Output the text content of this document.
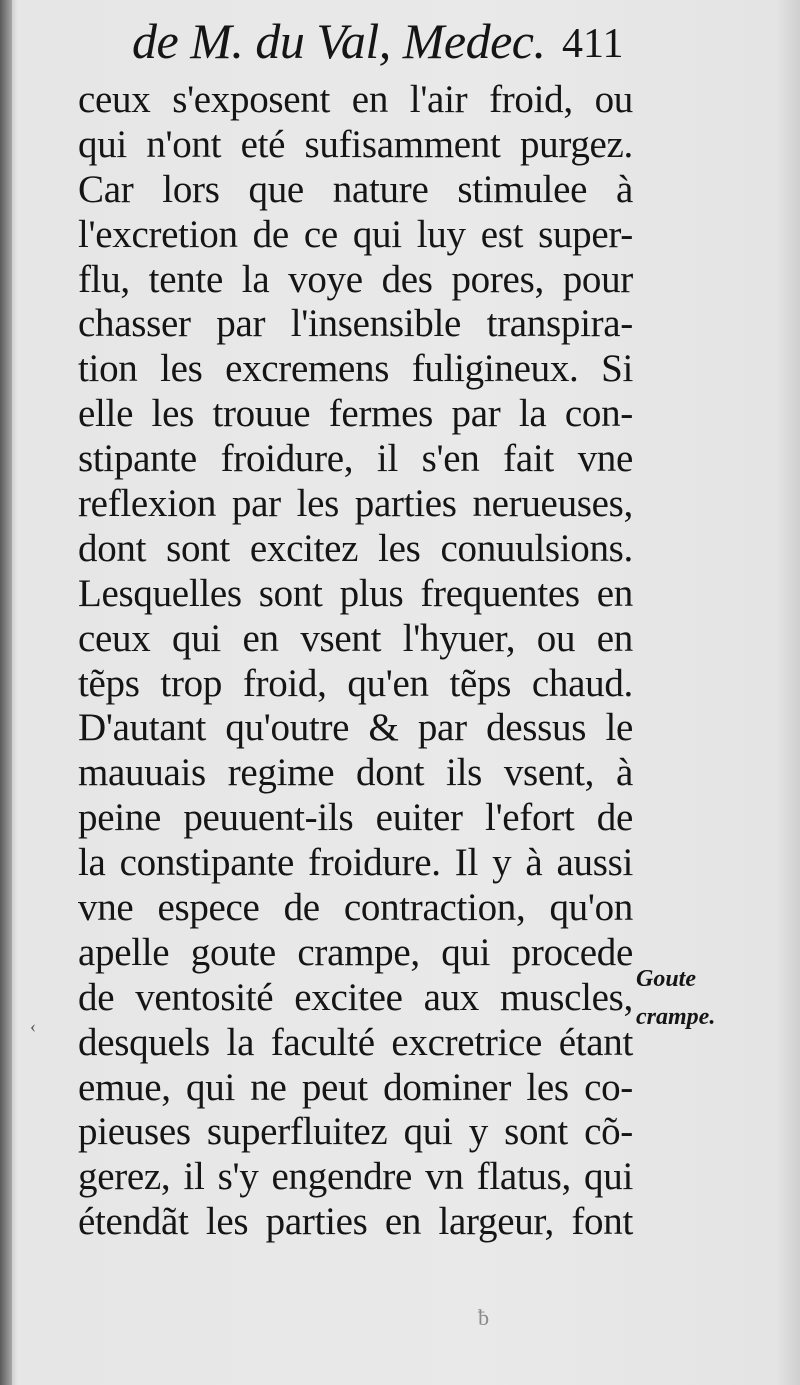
de M. du Val, Medec. 411
ceux s'exposent en l'air froid, ou
qui n'ont eté sufisamment purgez.
Car lors que nature stimulee à
l'excretion de ce qui luy est super-
flu, tente la voye des pores, pour
chasser par l'insensible transpira-
tion les excremens fuligineux. Si
elle les trouue fermes par la con-
stipante froidure, il s'en fait vne
reflexion par les parties nerueuses,
dont sont excitez les conuulsions.
Lesquelles sont plus frequentes en
ceux qui en vsent l'hyuer, ou en
tẽps trop froid, qu'en tẽps chaud.
D'autant qu'outre & par dessus le
mauuais regime dont ils vsent, à
peine peuuent-ils euiter l'efort de
la constipante froidure. Il y à aussi
vne espece de contraction, qu'on
apelle goute crampe, qui procede
de ventosité excitee aux muscles,
desquels la faculté excretrice étant
emue, qui ne peut dominer les co-
pieuses superfluitez qui y sont cõ-
gerez, il s'y engendre vn flatus, qui
étendãt les parties en largeur, font
Goute
crampe.
‹
ƀ
